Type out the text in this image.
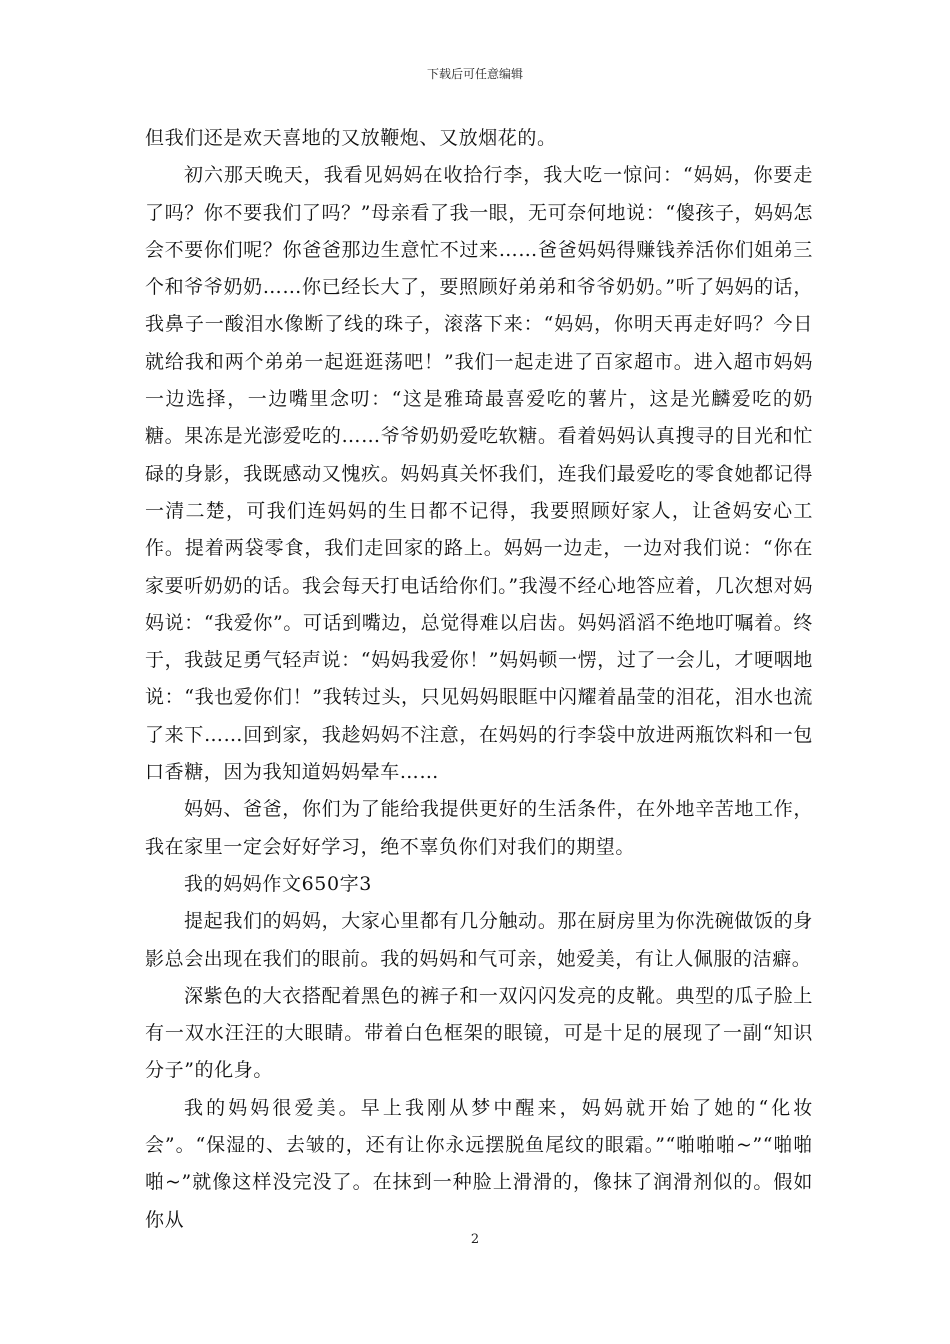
下载后可任意编辑

但我们还是欢天喜地的又放鞭炮、又放烟花的。

初六那天晚天，我看见妈妈在收拾行李，我大吃一惊问：“妈妈，你要走了吗？你不要我们了吗？”母亲看了我一眼，无可奈何地说：“傻孩子，妈妈怎会不要你们呢？你爸爸那边生意忙不过来……爸爸妈妈得赚钱养活你们姐弟三个和爷爷奶奶……你已经长大了，要照顾好弟弟和爷爷奶奶。”听了妈妈的话，我鼻子一酸泪水像断了线的珠子，滚落下来：“妈妈，你明天再走好吗？今日就给我和两个弟弟一起逛逛荡吧！”我们一起走进了百家超市。进入超市妈妈一边选择，一边嘴里念叨：“这是雅琦最喜爱吃的薯片，这是光麟爱吃的奶糖。果冻是光澎爱吃的……爷爷奶奶爱吃软糖。看着妈妈认真搜寻的目光和忙碌的身影，我既感动又愧疚。妈妈真关怀我们，连我们最爱吃的零食她都记得一清二楚，可我们连妈妈的生日都不记得，我要照顾好家人，让爸妈安心工作。提着两袋零食，我们走回家的路上。妈妈一边走，一边对我们说：“你在家要听奶奶的话。我会每天打电话给你们。”我漫不经心地答应着，几次想对妈妈说：“我爱你”。可话到嘴边，总觉得难以启齿。妈妈滔滔不绝地叮嘱着。终于，我鼓足勇气轻声说：“妈妈我爱你！”妈妈顿一愣，过了一会儿，才哽咽地说：“我也爱你们！”我转过头，只见妈妈眼眶中闪耀着晶莹的泪花，泪水也流了来下……回到家，我趁妈妈不注意，在妈妈的行李袋中放进两瓶饮料和一包口香糖，因为我知道妈妈晕车……

妈妈、爸爸，你们为了能给我提供更好的生活条件，在外地辛苦地工作，我在家里一定会好好学习，绝不辜负你们对我们的期望。

我的妈妈作文650字3

提起我们的妈妈，大家心里都有几分触动。那在厨房里为你洗碗做饭的身影总会出现在我们的眼前。我的妈妈和气可亲，她爱美，有让人佩服的洁癖。

深紫色的大衣搭配着黑色的裤子和一双闪闪发亮的皮靴。典型的瓜子脸上有一双水汪汪的大眼睛。带着白色框架的眼镜，可是十足的展现了一副“知识分子”的化身。

我的妈妈很爱美。早上我刚从梦中醒来，妈妈就开始了她的“化妆会”。“保湿的、去皱的，还有让你永远摆脱鱼尾纹的眼霜。”“啪啪啪~”“啪啪啪~”就像这样没完没了。在抹到一种脸上滑滑的，像抹了润滑剂似的。假如你从

2
